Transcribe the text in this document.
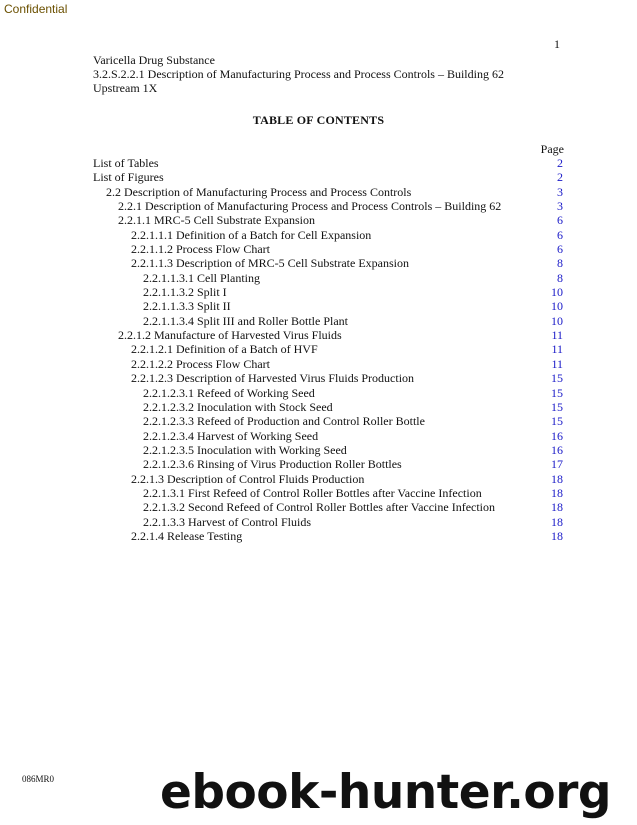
Confidential
1
Varicella Drug Substance
3.2.S.2.2.1 Description of Manufacturing Process and Process Controls – Building 62
Upstream 1X
TABLE OF CONTENTS
Page
List of Tables	2
List of Figures	2
2.2 Description of Manufacturing Process and Process Controls	3
2.2.1 Description of Manufacturing Process and Process Controls – Building 62	3
2.2.1.1 MRC-5 Cell Substrate Expansion	6
2.2.1.1.1 Definition of a Batch for Cell Expansion	6
2.2.1.1.2 Process Flow Chart	6
2.2.1.1.3 Description of MRC-5 Cell Substrate Expansion	8
2.2.1.1.3.1 Cell Planting	8
2.2.1.1.3.2 Split I	10
2.2.1.1.3.3 Split II	10
2.2.1.1.3.4 Split III and Roller Bottle Plant	10
2.2.1.2 Manufacture of Harvested Virus Fluids	11
2.2.1.2.1 Definition of a Batch of HVF	11
2.2.1.2.2 Process Flow Chart	11
2.2.1.2.3 Description of Harvested Virus Fluids Production	15
2.2.1.2.3.1 Refeed of Working Seed	15
2.2.1.2.3.2 Inoculation with Stock Seed	15
2.2.1.2.3.3 Refeed of Production and Control Roller Bottle	15
2.2.1.2.3.4 Harvest of Working Seed	16
2.2.1.2.3.5 Inoculation with Working Seed	16
2.2.1.2.3.6 Rinsing of Virus Production Roller Bottles	17
2.2.1.3 Description of Control Fluids Production	18
2.2.1.3.1 First Refeed of Control Roller Bottles after Vaccine Infection	18
2.2.1.3.2 Second Refeed of Control Roller Bottles after Vaccine Infection	18
2.2.1.3.3 Harvest of Control Fluids	18
2.2.1.4 Release Testing	18
086MR0 ebook-hunter.org
